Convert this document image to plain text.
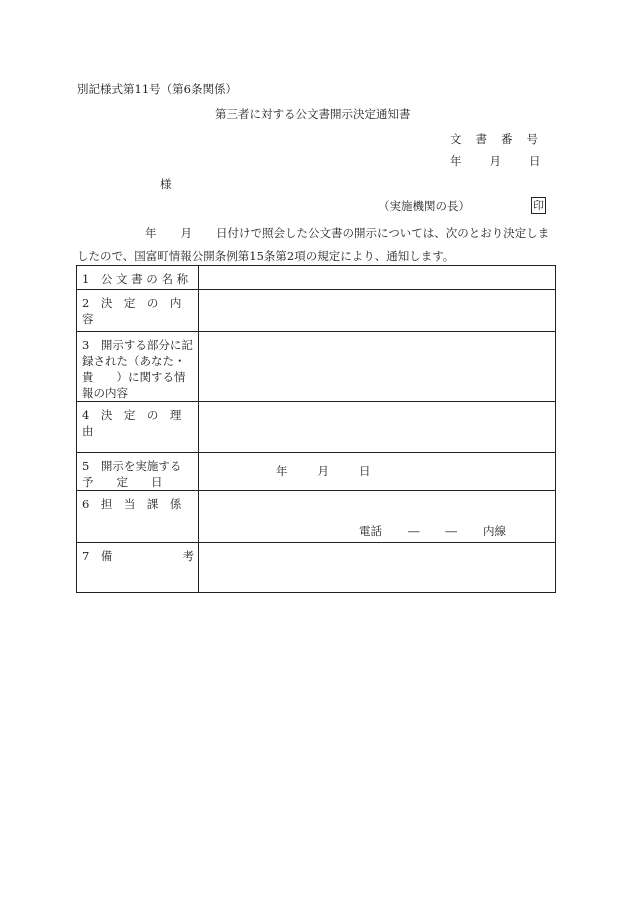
別記様式第11号（第6条関係）
第三者に対する公文書開示決定通知書
文 書 番 号
年 月 日
様
（実施機関の長）	印
年 月 日付けで照会した公文書の開示については、次のとおり決定しま
したので、国富町情報公開条例第15条第2項の規定により、通知します。
1　公 文 書 の 名 称	
2　決　定　の　内　容	
3　開示する部分に記録された（あなた・貴　　）に関する情報の内容	
4　決　定　の　理　由	

5　開示を実施する
予　　定　　日	年 月 日

6　担　当　課　係	電話 ― ― 内線

7　備 考	
